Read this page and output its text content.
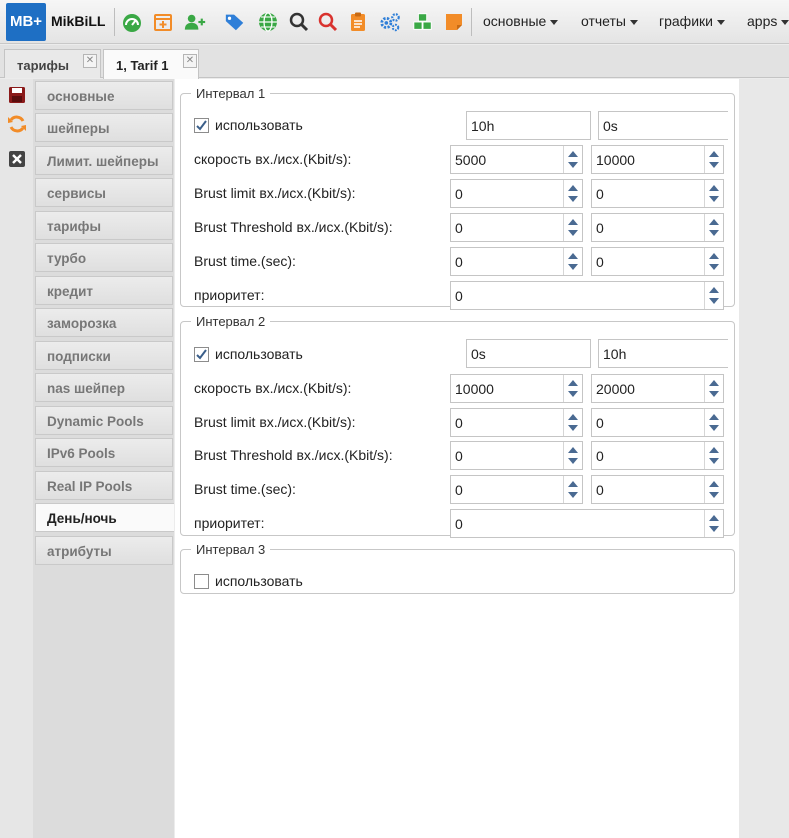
MB+ MikBiLL	основные	отчеты	графики	apps
тарифы ✕	1, Tarif 1 ✕
основные
шейперы
Лимит. шейперы
сервисы
тарифы
турбо
кредит
заморозка
подписки
nas шейпер
Dynamic Pools
IPv6 Pools
Real IP Pools
День/ночь
атрибуты
Интервал 1
использовать	10h	0s
скорость вх./исх.(Kbit/s):	5000	10000
Brust limit вх./исх.(Kbit/s):	0	0
Brust Threshold вх./исх.(Kbit/s):	0	0
Brust time.(sec):	0	0
приоритет:	0
Интервал 2
использовать	0s	10h
скорость вх./исх.(Kbit/s):	10000	20000
Brust limit вх./исх.(Kbit/s):	0	0
Brust Threshold вх./исх.(Kbit/s):	0	0
Brust time.(sec):	0	0
приоритет:	0
Интервал 3
использовать
